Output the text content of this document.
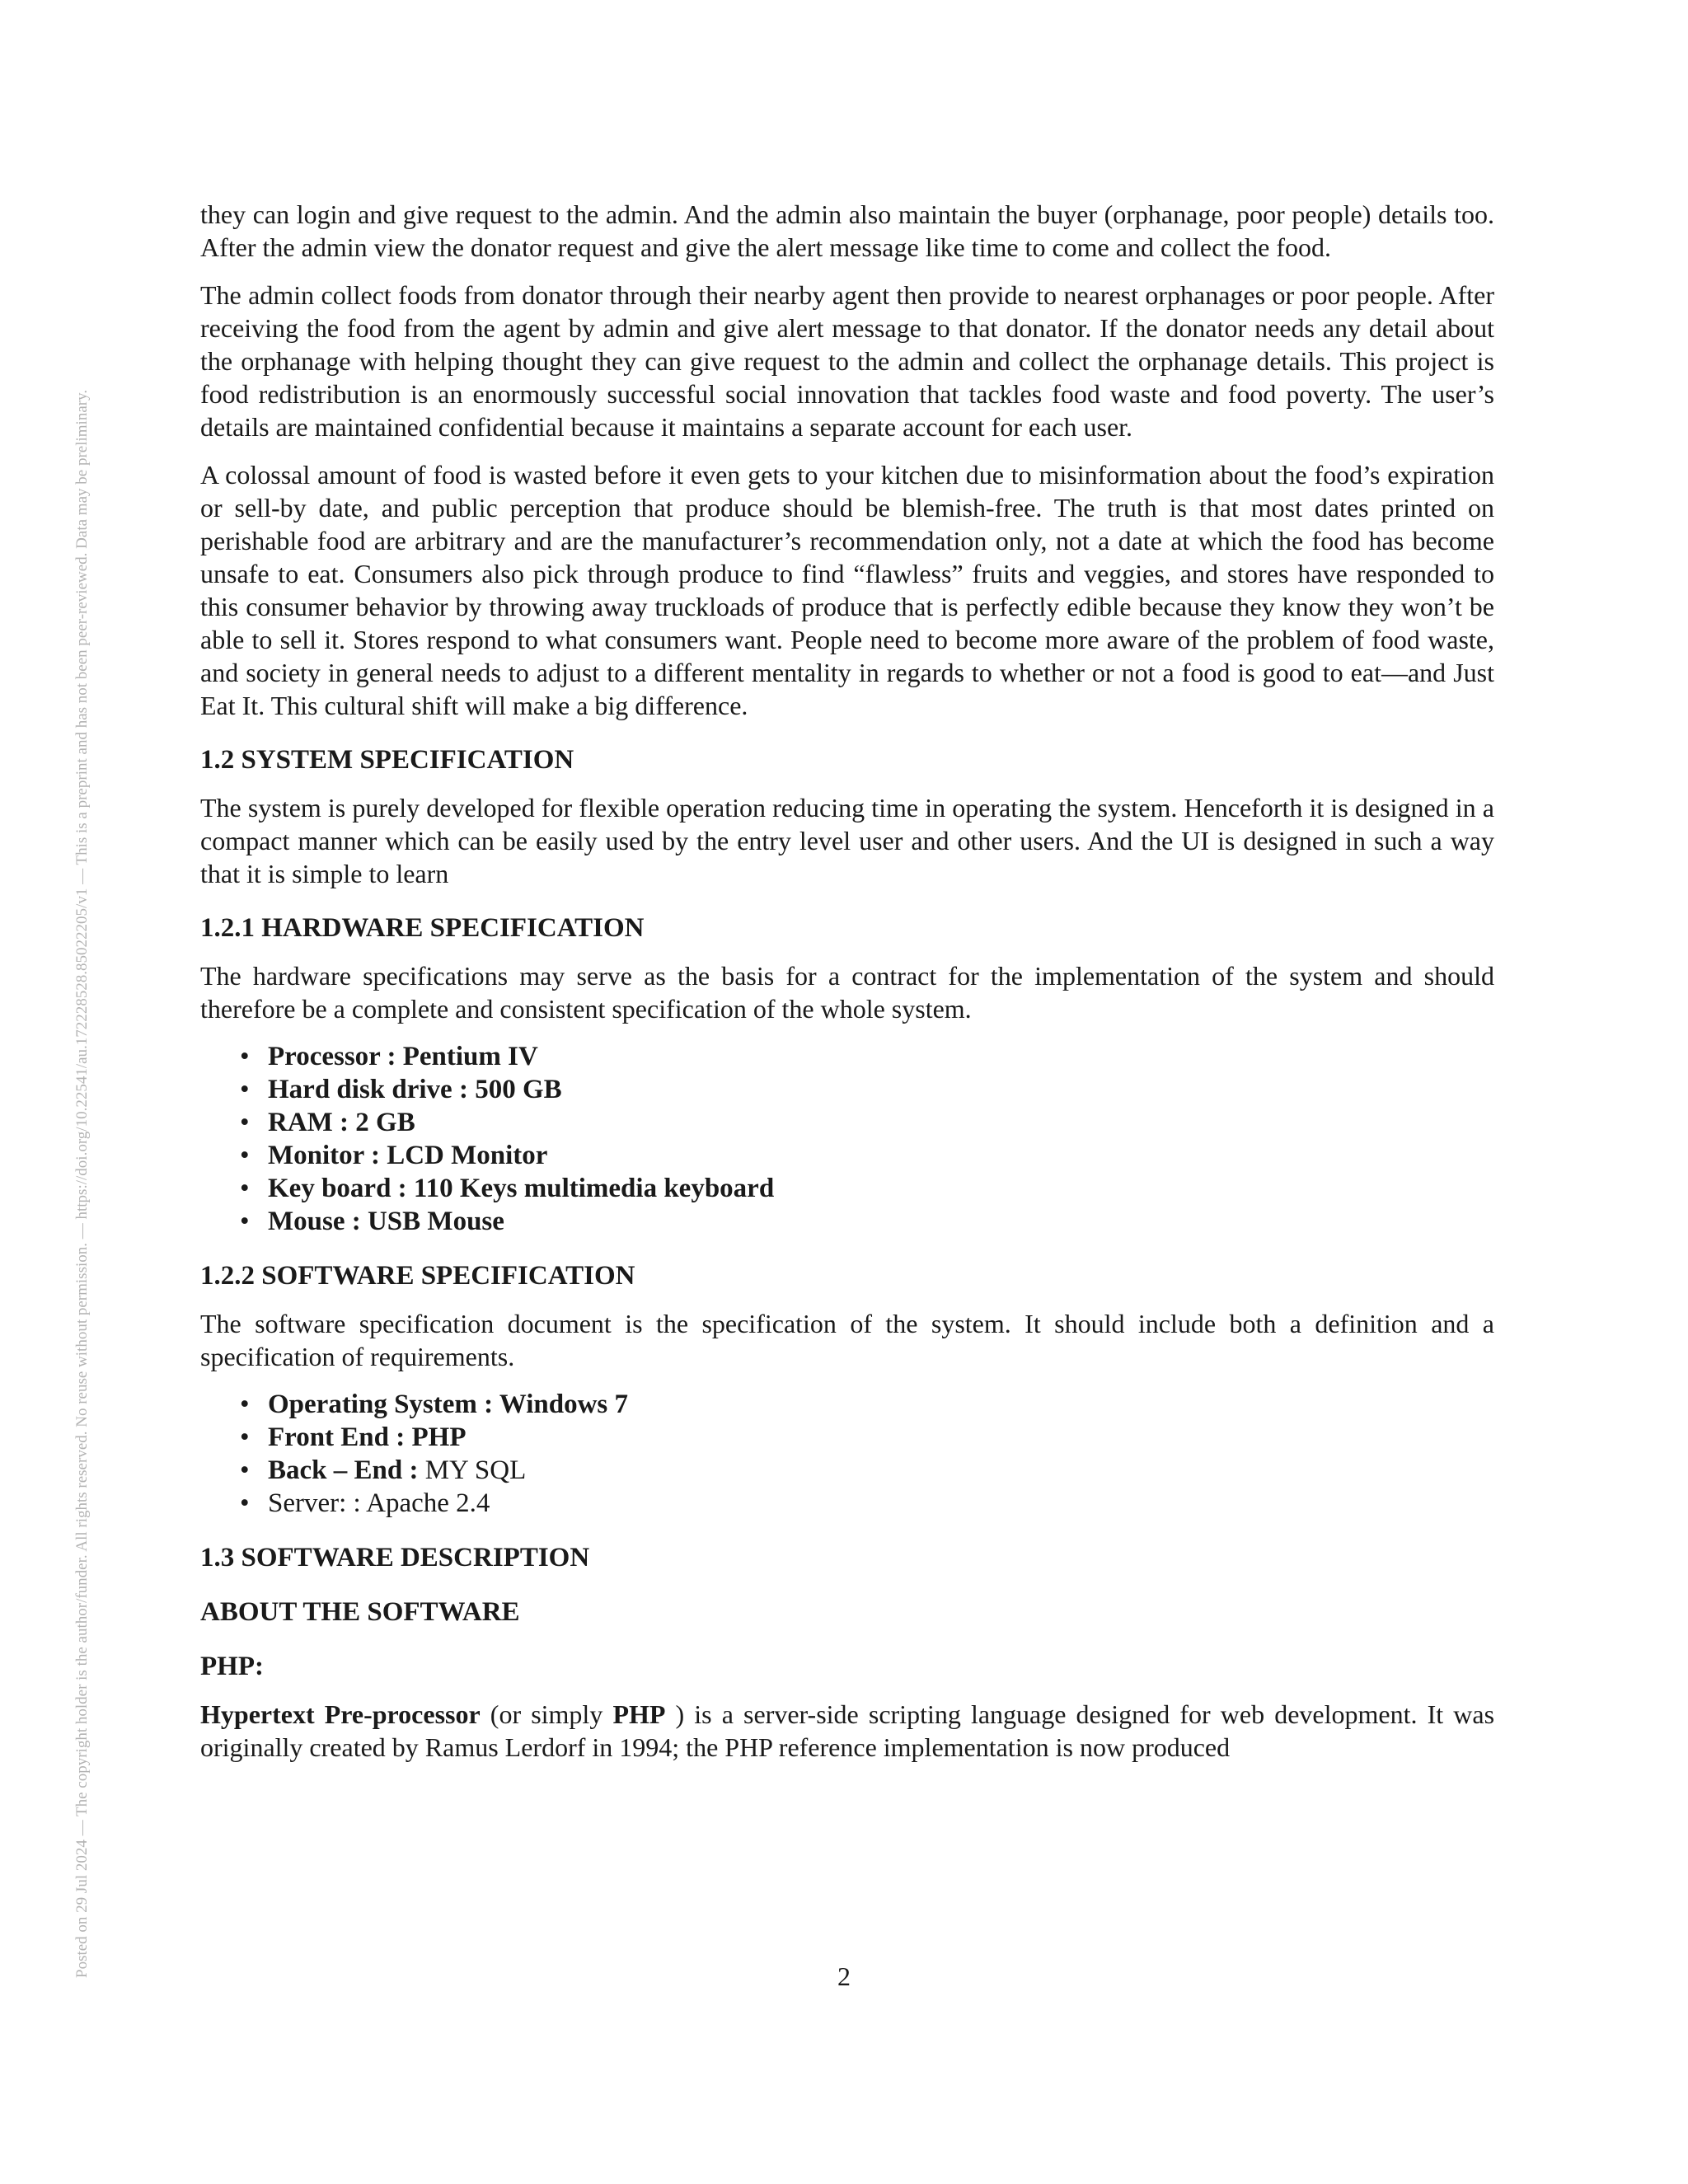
Posted on 29 Jul 2024 — The copyright holder is the author/funder. All rights reserved. No reuse without permission. — https://doi.org/10.22541/au.172228528.85022205/v1 — This is a preprint and has not been peer-reviewed. Data may be preliminary.

they can login and give request to the admin. And the admin also maintain the buyer (orphanage, poor people) details too. After the admin view the donator request and give the alert message like time to come and collect the food.

The admin collect foods from donator through their nearby agent then provide to nearest orphanages or poor people. After receiving the food from the agent by admin and give alert message to that donator. If the donator needs any detail about the orphanage with helping thought they can give request to the admin and collect the orphanage details. This project is food redistribution is an enormously successful social innovation that tackles food waste and food poverty. The user’s details are maintained confidential because it maintains a separate account for each user.

A colossal amount of food is wasted before it even gets to your kitchen due to misinformation about the food’s expiration or sell-by date, and public perception that produce should be blemish-free. The truth is that most dates printed on perishable food are arbitrary and are the manufacturer’s recommendation only, not a date at which the food has become unsafe to eat. Consumers also pick through produce to find “flawless” fruits and veggies, and stores have responded to this consumer behavior by throwing away truckloads of produce that is perfectly edible because they know they won’t be able to sell it. Stores respond to what consumers want. People need to become more aware of the problem of food waste, and society in general needs to adjust to a different mentality in regards to whether or not a food is good to eat—and Just Eat It. This cultural shift will make a big difference.

1.2 SYSTEM SPECIFICATION

The system is purely developed for flexible operation reducing time in operating the system. Henceforth it is designed in a compact manner which can be easily used by the entry level user and other users. And the UI is designed in such a way that it is simple to learn

1.2.1 HARDWARE SPECIFICATION

The hardware specifications may serve as the basis for a contract for the implementation of the system and should therefore be a complete and consistent specification of the whole system.

• Processor : Pentium IV
• Hard disk drive : 500 GB
• RAM : 2 GB
• Monitor : LCD Monitor
• Key board : 110 Keys multimedia keyboard
• Mouse : USB Mouse
1.2.2 SOFTWARE SPECIFICATION

The software specification document is the specification of the system. It should include both a definition and a specification of requirements.

• Operating System : Windows 7
• Front End : PHP
• Back – End : MY SQL
• Server: : Apache 2.4
1.3 SOFTWARE DESCRIPTION
ABOUT THE SOFTWARE
PHP:

Hypertext Pre-processor (or simply PHP ) is a server-side scripting language designed for web development. It was originally created by Ramus Lerdorf in 1994; the PHP reference implementation is now produced

2
